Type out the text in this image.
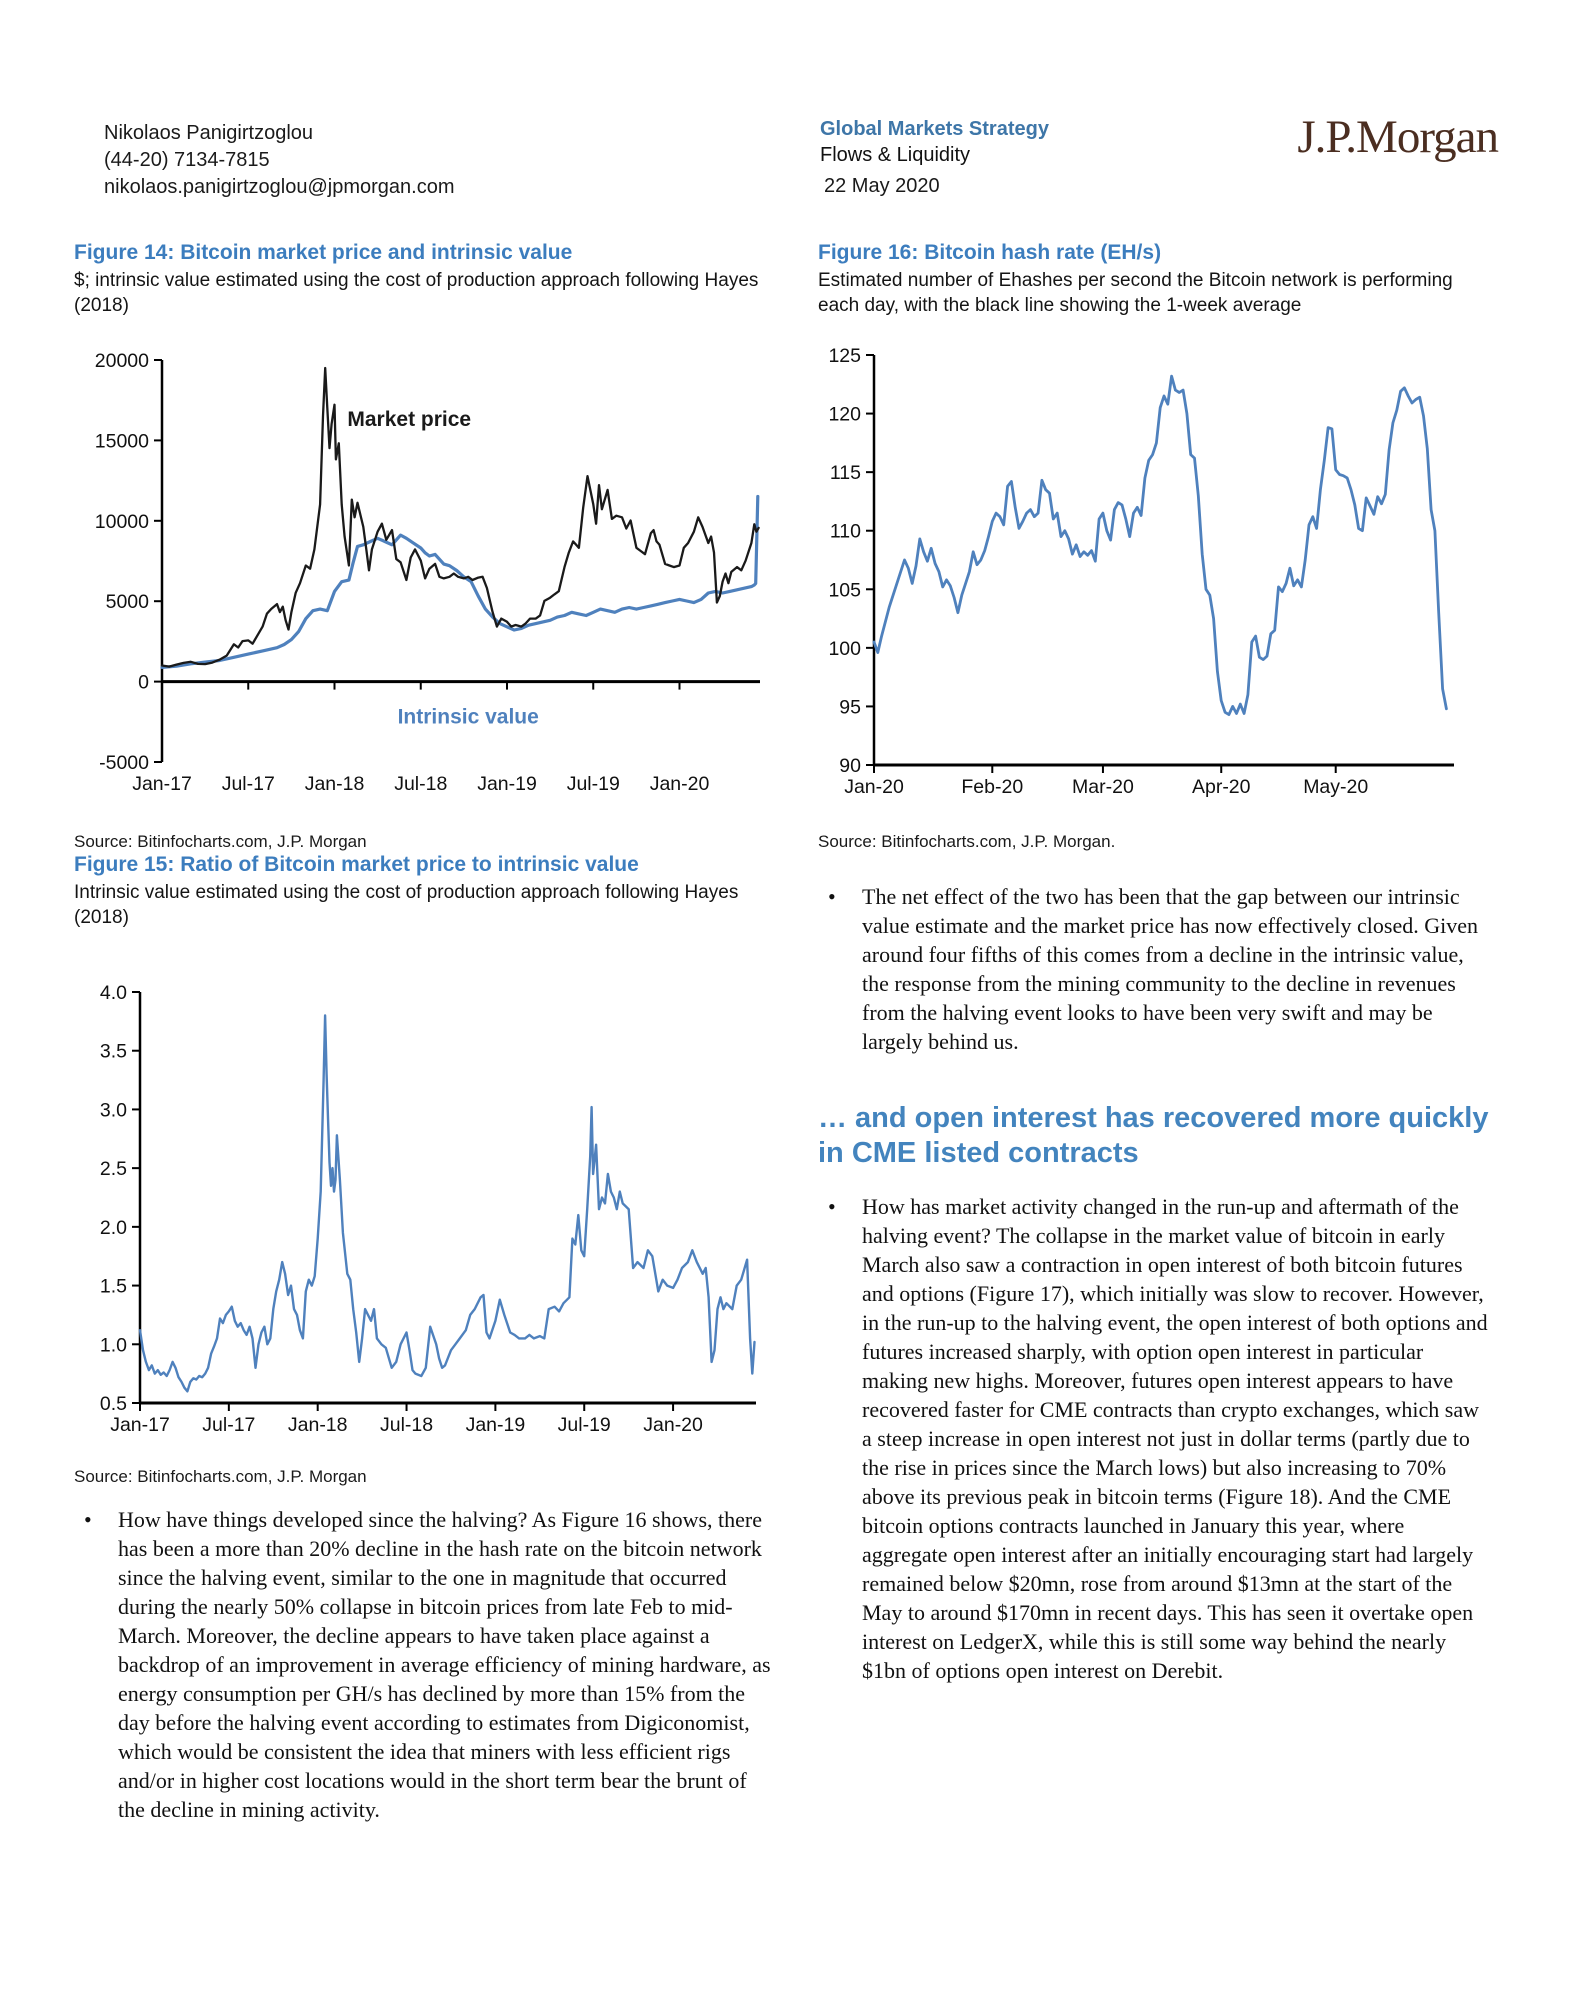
Nikolaos Panigirtzoglou
(44-20) 7134-7815
nikolaos.panigirtzoglou@jpmorgan.com
Global Markets Strategy
Flows & Liquidity
22 May 2020
J.P.Morgan
Figure 14: Bitcoin market price and intrinsic value
$; intrinsic value estimated using the cost of production approach following Hayes (2018)
20000
15000
10000
5000
0
-5000
Jan-17 Jul-17 Jan-18 Jul-18 Jan-19 Jul-19 Jan-20
Market price
Intrinsic value
Source: Bitinfocharts.com, J.P. Morgan
Figure 15: Ratio of Bitcoin market price to intrinsic value
Intrinsic value estimated using the cost of production approach following Hayes (2018)
4.0
3.5
3.0
2.5
2.0
1.5
1.0
0.5
Jan-17 Jul-17 Jan-18 Jul-18 Jan-19 Jul-19 Jan-20
Source: Bitinfocharts.com, J.P. Morgan
Figure 16: Bitcoin hash rate (EH/s)
Estimated number of Ehashes per second the Bitcoin network is performing each day, with the black line showing the 1-week average
125
120
115
110
105
100
95
90
Jan-20	Feb-20	Mar-20	Apr-20	May-20
Source: Bitinfocharts.com, J.P. Morgan.
• How have things developed since the halving? As Figure 16 shows, there has been a more than 20% decline in the hash rate on the bitcoin network since the halving event, similar to the one in magnitude that occurred during the nearly 50% collapse in bitcoin prices from late Feb to mid-March. Moreover, the decline appears to have taken place against a backdrop of an improvement in average efficiency of mining hardware, as energy consumption per GH/s has declined by more than 15% from the day before the halving event according to estimates from Digiconomist, which would be consistent the idea that miners with less efficient rigs and/or in higher cost locations would in the short term bear the brunt of the decline in mining activity.
• The net effect of the two has been that the gap between our intrinsic value estimate and the market price has now effectively closed. Given around four fifths of this comes from a decline in the intrinsic value, the response from the mining community to the decline in revenues from the halving event looks to have been very swift and may be largely behind us.
… and open interest has recovered more quickly in CME listed contracts
• How has market activity changed in the run-up and aftermath of the halving event? The collapse in the market value of bitcoin in early March also saw a contraction in open interest of both bitcoin futures and options (Figure 17), which initially was slow to recover. However, in the run-up to the halving event, the open interest of both options and futures increased sharply, with option open interest in particular making new highs. Moreover, futures open interest appears to have recovered faster for CME contracts than crypto exchanges, which saw a steep increase in open interest not just in dollar terms (partly due to the rise in prices since the March lows) but also increasing to 70% above its previous peak in bitcoin terms (Figure 18). And the CME bitcoin options contracts launched in January this year, where aggregate open interest after an initially encouraging start had largely remained below $20mn, rose from around $13mn at the start of the May to around $170mn in recent days. This has seen it overtake open interest on LedgerX, while this is still some way behind the nearly $1bn of options open interest on Derebit.
